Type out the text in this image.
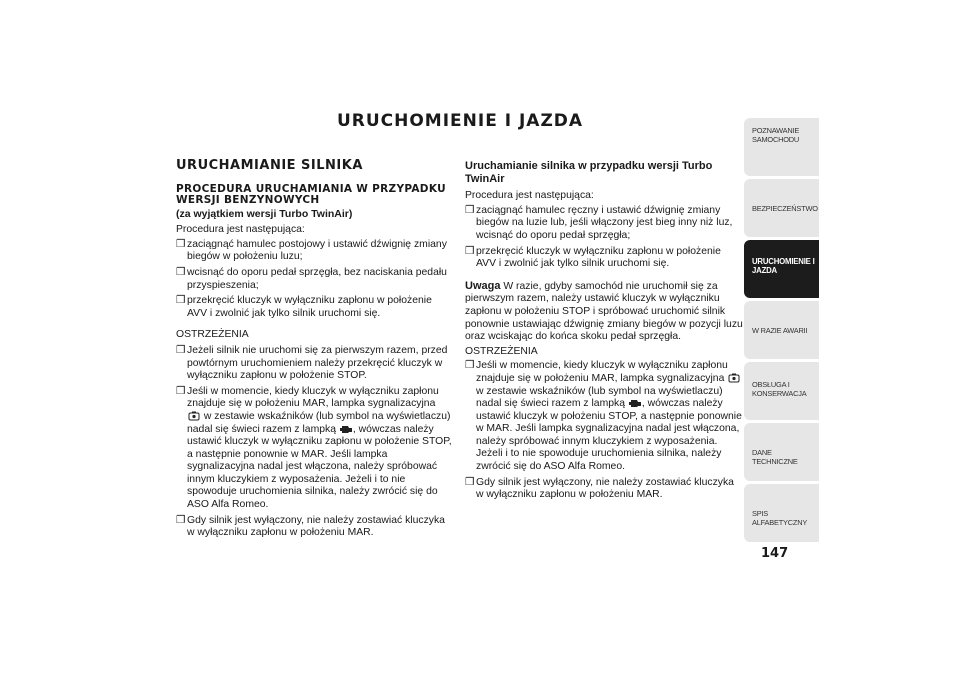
URUCHOMIENIE I JAZDA
URUCHAMIANIE SILNIKA
PROCEDURA URUCHAMIANIA W PRZYPADKU WERSJI BENZYNOWYCH
(za wyjątkiem wersji Turbo TwinAir)

Procedura jest następująca:

❒ zaciągnąć hamulec postojowy i ustawić dźwignię zmiany biegów w położeniu luzu;

❒ wcisnąć do oporu pedał sprzęgła, bez naciskania pedału przyspieszenia;

❒ przekręcić kluczyk w wyłączniku zapłonu w położenie AVV i zwolnić jak tylko silnik uruchomi się.

OSTRZEŻENIA

❒ Jeżeli silnik nie uruchomi się za pierwszym razem, przed powtórnym uruchomieniem należy przekręcić kluczyk w wyłączniku zapłonu w położenie STOP.

❒ Jeśli w momencie, kiedy kluczyk w wyłączniku zapłonu znajduje się w położeniu MAR, lampka sygnalizacyjna  w zestawie wskaźników (lub symbol na wyświetlaczu) nadal się świeci razem z lampką , wówczas należy ustawić kluczyk w wyłączniku zapłonu w położenie STOP, a następnie ponownie w MAR. Jeśli lampka sygnalizacyjna nadal jest włączona, należy spróbować innym kluczykiem z wyposażenia. Jeżeli i to nie spowoduje uruchomienia silnika, należy zwrócić się do ASO Alfa Romeo.

❒ Gdy silnik jest wyłączony, nie należy zostawiać kluczyka w wyłączniku zapłonu w położeniu MAR.

Uruchamianie silnika w przypadku wersji Turbo TwinAir

Procedura jest następująca:

❒ zaciągnąć hamulec ręczny i ustawić dźwignię zmiany biegów na luzie lub, jeśli włączony jest bieg inny niż luz, wcisnąć do oporu pedał sprzęgła;

❒ przekręcić kluczyk w wyłączniku zapłonu w położenie AVV i zwolnić jak tylko silnik uruchomi się.

Uwaga W razie, gdyby samochód nie uruchomił się za pierwszym razem, należy ustawić kluczyk w wyłączniku zapłonu w położeniu STOP i spróbować uruchomić silnik ponownie ustawiając dźwignię zmiany biegów w pozycji luzu oraz wciskając do końca skoku pedał sprzęgła.

OSTRZEŻENIA

❒ Jeśli w momencie, kiedy kluczyk w wyłączniku zapłonu znajduje się w położeniu MAR, lampka sygnalizacyjna  w zestawie wskaźników (lub symbol na wyświetlaczu) nadal się świeci razem z lampką , wówczas należy ustawić kluczyk w położeniu STOP, a następnie ponownie w MAR. Jeśli lampka sygnalizacyjna nadal jest włączona, należy spróbować innym kluczykiem z wyposażenia. Jeżeli i to nie spowoduje uruchomienia silnika, należy zwrócić się do ASO Alfa Romeo.

❒ Gdy silnik jest wyłączony, nie należy zostawiać kluczyka w wyłączniku zapłonu w położeniu MAR.

POZNAWANIE SAMOCHODU
BEZPIECZEŃSTWO
URUCHOMIENIE I JAZDA
W RAZIE AWARII
OBSŁUGA I KONSERWACJA
DANE TECHNICZNE
SPIS ALFABETYCZNY
147
